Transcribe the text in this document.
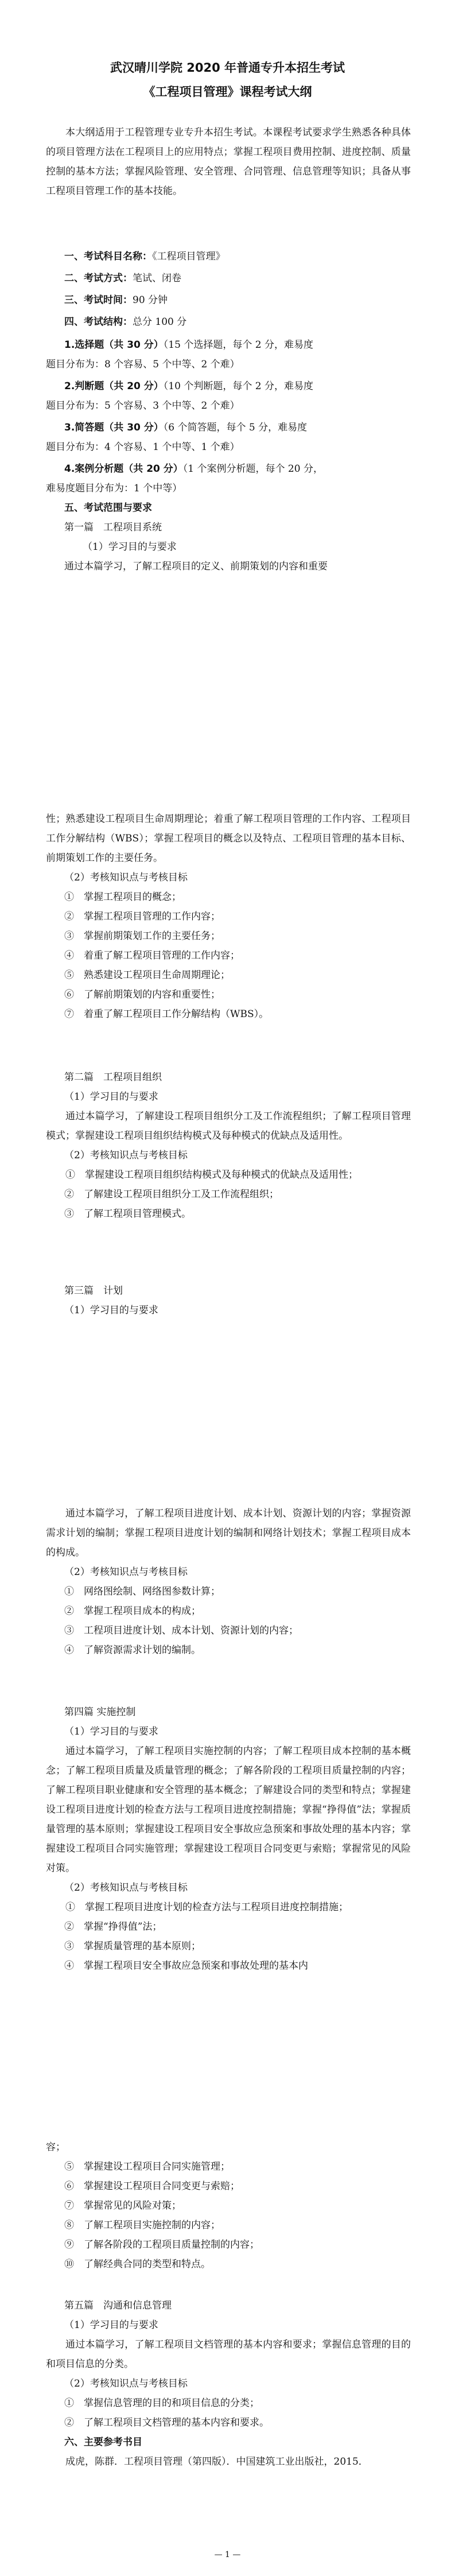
武汉晴川学院 2020 年普通专升本招生考试
《工程项目管理》课程考试大纲

本大纲适用于工程管理专业专升本招生考试。本课程考试要求学生熟悉各种具体的项目管理方法在工程项目上的应用特点；掌握工程项目费用控制、进度控制、质量控制的基本方法；掌握风险管理、安全管理、合同管理、信息管理等知识；具备从事工程项目管理工作的基本技能。

一、考试科目名称：《工程项目管理》

二、考试方式：笔试、闭卷

三、考试时间：90 分钟

四、考试结构：总分 100 分

1.选择题（共 30 分）（15 个选择题，每个 2 分，难易度

题目分布为：8 个容易、5 个中等、2 个难）

2.判断题（共 20 分）（10 个判断题，每个 2 分，难易度

题目分布为：5 个容易、3 个中等、2 个难）

3.简答题（共 30 分）（6 个简答题，每个 5 分，难易度

题目分布为：4 个容易、1 个中等、1 个难）

4.案例分析题（共 20 分）（1 个案例分析题，每个 20 分，

难易度题目分布为：1 个中等）

五、考试范围与要求

第一篇　工程项目系统

（1）学习目的与要求

通过本篇学习，了解工程项目的定义、前期策划的内容和重要

性；熟悉建设工程项目生命周期理论；着重了解工程项目管理的工作内容、工程项目工作分解结构（WBS）；掌握工程项目的概念以及特点、工程项目管理的基本目标、前期策划工作的主要任务。

（2）考核知识点与考核目标

①　掌握工程项目的概念；

②　掌握工程项目管理的工作内容；

③　掌握前期策划工作的主要任务；

④　着重了解工程项目管理的工作内容；

⑤　熟悉建设工程项目生命周期理论；

⑥　了解前期策划的内容和重要性；

⑦　着重了解工程项目工作分解结构（WBS）。

第二篇　工程项目组织

（1）学习目的与要求

通过本篇学习，了解建设工程项目组织分工及工作流程组织；了解工程项目管理模式；掌握建设工程项目组织结构模式及每种模式的优缺点及适用性。

（2）考核知识点与考核目标

①　掌握建设工程项目组织结构模式及每种模式的优缺点及适用性；

②　了解建设工程项目组织分工及工作流程组织；

③　了解工程项目管理模式。

第三篇　计划

（1）学习目的与要求

通过本篇学习，了解工程项目进度计划、成本计划、资源计划的内容；掌握资源需求计划的编制；掌握工程项目进度计划的编制和网络计划技术；掌握工程项目成本的构成。

（2）考核知识点与考核目标

①　网络图绘制、网络图参数计算；

②　掌握工程项目成本的构成；

③　工程项目进度计划、成本计划、资源计划的内容；

④　了解资源需求计划的编制。

第四篇 实施控制

（1）学习目的与要求

通过本篇学习，了解工程项目实施控制的内容；了解工程项目成本控制的基本概念；了解工程项目质量及质量管理的概念；了解各阶段的工程项目质量控制的内容；了解工程项目职业健康和安全管理的基本概念；了解建设合同的类型和特点；掌握建设工程项目进度计划的检查方法与工程项目进度控制措施；掌握“挣得值”法；掌握质量管理的基本原则；掌握建设工程项目安全事故应急预案和事故处理的基本内容；掌握建设工程项目合同实施管理；掌握建设工程项目合同变更与索赔；掌握常见的风险对策。

（2）考核知识点与考核目标

①　掌握工程项目进度计划的检查方法与工程项目进度控制措施；

②　掌握“挣得值”法；

③　掌握质量管理的基本原则；

④　掌握工程项目安全事故应急预案和事故处理的基本内

容；

⑤　掌握建设工程项目合同实施管理；

⑥　掌握建设工程项目合同变更与索赔；

⑦　掌握常见的风险对策；

⑧　了解工程项目实施控制的内容；

⑨　了解各阶段的工程项目质量控制的内容；

⑩　了解经典合同的类型和特点。

第五篇　沟通和信息管理

（1）学习目的与要求

通过本篇学习，了解工程项目文档管理的基本内容和要求；掌握信息管理的目的和项目信息的分类。

（2）考核知识点与考核目标

①　掌握信息管理的目的和项目信息的分类；

②　了解工程项目文档管理的基本内容和要求。

六、主要参考书目

成虎，陈群．工程项目管理（第四版）．中国建筑工业出版社，2015．

— 1 —
